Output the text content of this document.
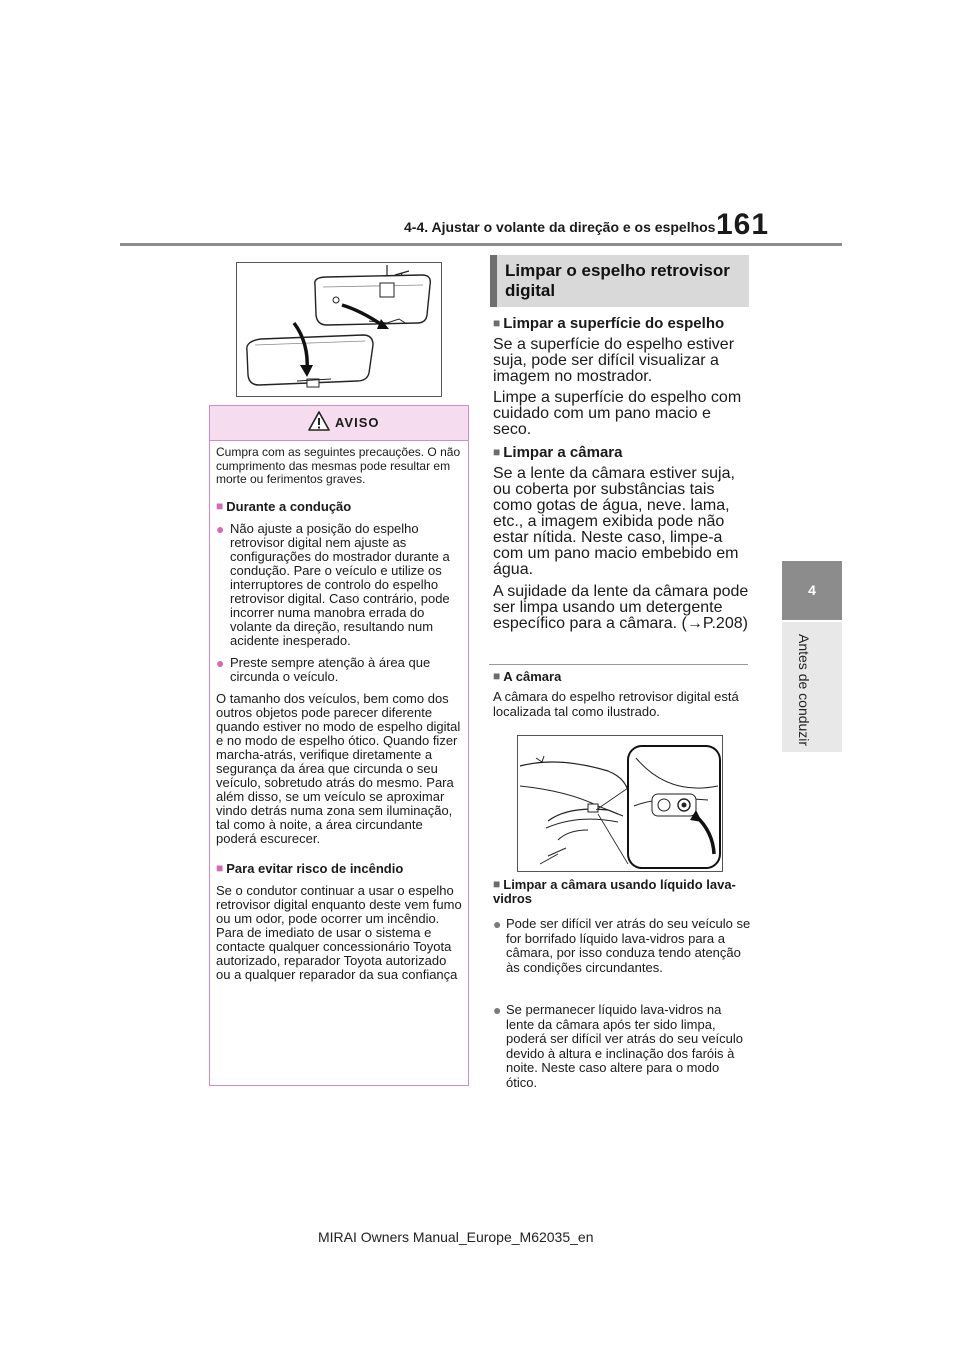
4-4. Ajustar o volante da direção e os espelhos 161
4
Antes de conduzir
AVISO

Cumpra com as seguintes precauções. O não cumprimento das mesmas pode resultar em morte ou ferimentos graves.

■ Durante a condução

● Não ajuste a posição do espelho retrovisor digital nem ajuste as configurações do mostrador durante a condução. Pare o veículo e utilize os interruptores de controlo do espelho retrovisor digital. Caso contrário, pode incorrer numa manobra errada do volante da direção, resultando num acidente inesperado.
● Preste sempre atenção à área que circunda o veículo.

O tamanho dos veículos, bem como dos outros objetos pode parecer diferente quando estiver no modo de espelho digital e no modo de espelho ótico. Quando fizer marcha-atrás, verifique diretamente a segurança da área que circunda o seu veículo, sobretudo atrás do mesmo. Para além disso, se um veículo se aproximar vindo detrás numa zona sem iluminação, tal como à noite, a área circundante poderá escurecer.

■ Para evitar risco de incêndio

Se o condutor continuar a usar o espelho retrovisor digital enquanto deste vem fumo ou um odor, pode ocorrer um incêndio. Para de imediato de usar o sistema e contacte qualquer concessionário Toyota autorizado, reparador Toyota autorizado ou a qualquer reparador da sua confiança

Limpar o espelho retrovisor digital
■ Limpar a superfície do espelho
Se a superfície do espelho estiver suja, pode ser difícil visualizar a imagem no mostrador.
Limpe a superfície do espelho com cuidado com um pano macio e seco.
■ Limpar a câmara
Se a lente da câmara estiver suja, ou coberta por substâncias tais como gotas de água, neve. lama, etc., a imagem exibida pode não estar nítida. Neste caso, limpe-a com um pano macio embebido em água.
A sujidade da lente da câmara pode ser limpa usando um detergente específico para a câmara. (→P.208)
■ A câmara
A câmara do espelho retrovisor digital está localizada tal como ilustrado.
■ Limpar a câmara usando líquido lava-vidros
● Pode ser difícil ver atrás do seu veículo se for borrifado líquido lava-vidros para a câmara, por isso conduza tendo atenção às condições circundantes.
● Se permanecer líquido lava-vidros na lente da câmara após ter sido limpa, poderá ser difícil ver atrás do seu veículo devido à altura e inclinação dos faróis à noite. Neste caso altere para o modo ótico.
MIRAI Owners Manual_Europe_M62035_en
